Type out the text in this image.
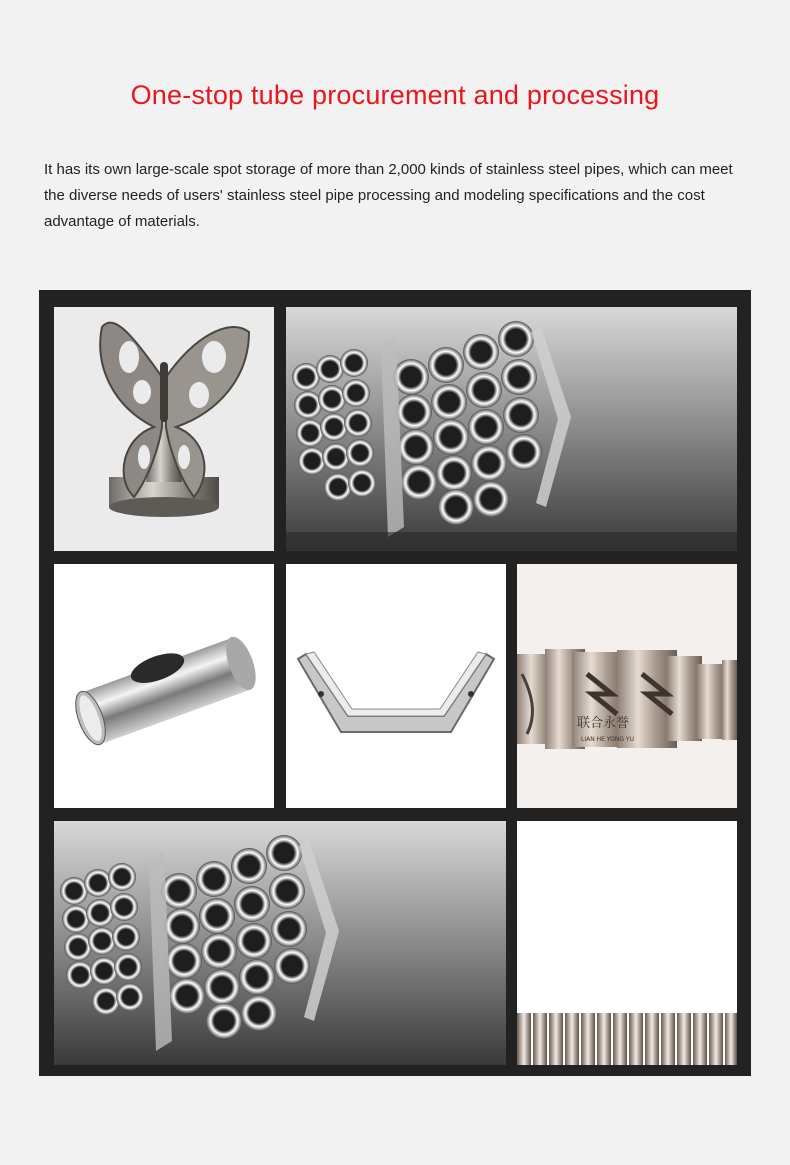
One-stop tube procurement and processing
It has its own large-scale spot storage of more than 2,000 kinds of stainless steel pipes, which can meet the diverse needs of users' stainless steel pipe processing and modeling specifications and the cost advantage of materials.
联合永誉
LIAN HE YONG YU
